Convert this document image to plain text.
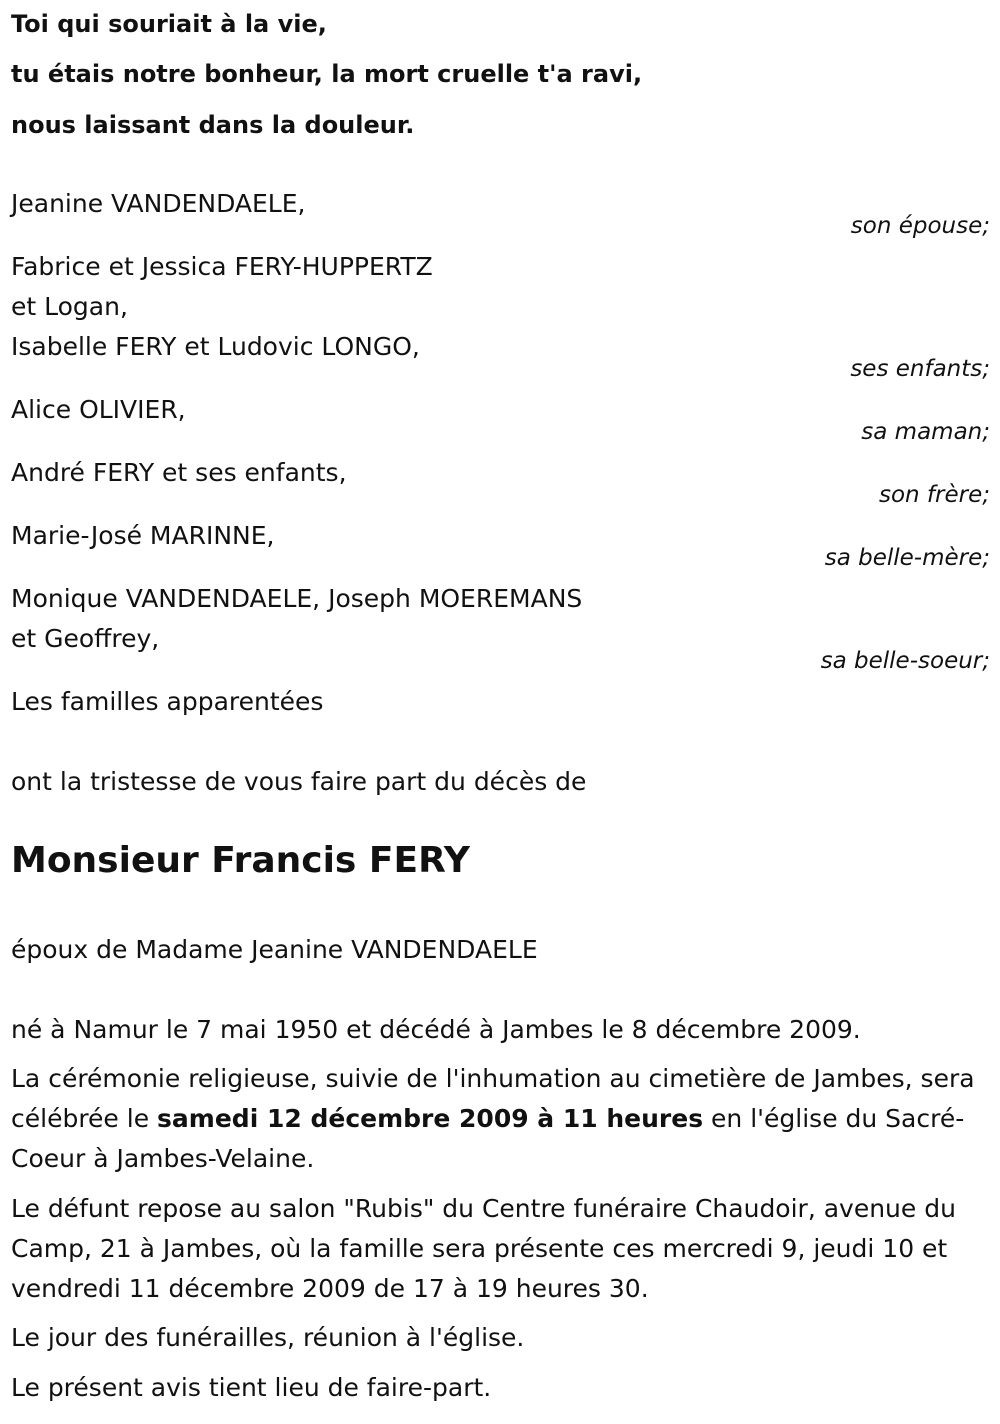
Toi qui souriait à la vie,
tu étais notre bonheur, la mort cruelle t'a ravi,
nous laissant dans la douleur.
Jeanine VANDENDAELE,
son épouse;
Fabrice et Jessica FERY-HUPPERTZ
et Logan,
Isabelle FERY et Ludovic LONGO,
ses enfants;
Alice OLIVIER,
sa maman;
André FERY et ses enfants,
son frère;
Marie-José MARINNE,
sa belle-mère;
Monique VANDENDAELE, Joseph MOEREMANS
et Geoffrey,
sa belle-soeur;
Les familles apparentées
ont la tristesse de vous faire part du décès de
Monsieur Francis FERY
époux de Madame Jeanine VANDENDAELE
né à Namur le 7 mai 1950 et décédé à Jambes le 8 décembre 2009.
La cérémonie religieuse, suivie de l'inhumation au cimetière de Jambes, sera célébrée le samedi 12 décembre 2009 à 11 heures en l'église du Sacré-Coeur à Jambes-Velaine.
Le défunt repose au salon "Rubis" du Centre funéraire Chaudoir, avenue du Camp, 21 à Jambes, où la famille sera présente ces mercredi 9, jeudi 10 et vendredi 11 décembre 2009 de 17 à 19 heures 30.
Le jour des funérailles, réunion à l'église.
Le présent avis tient lieu de faire-part.
